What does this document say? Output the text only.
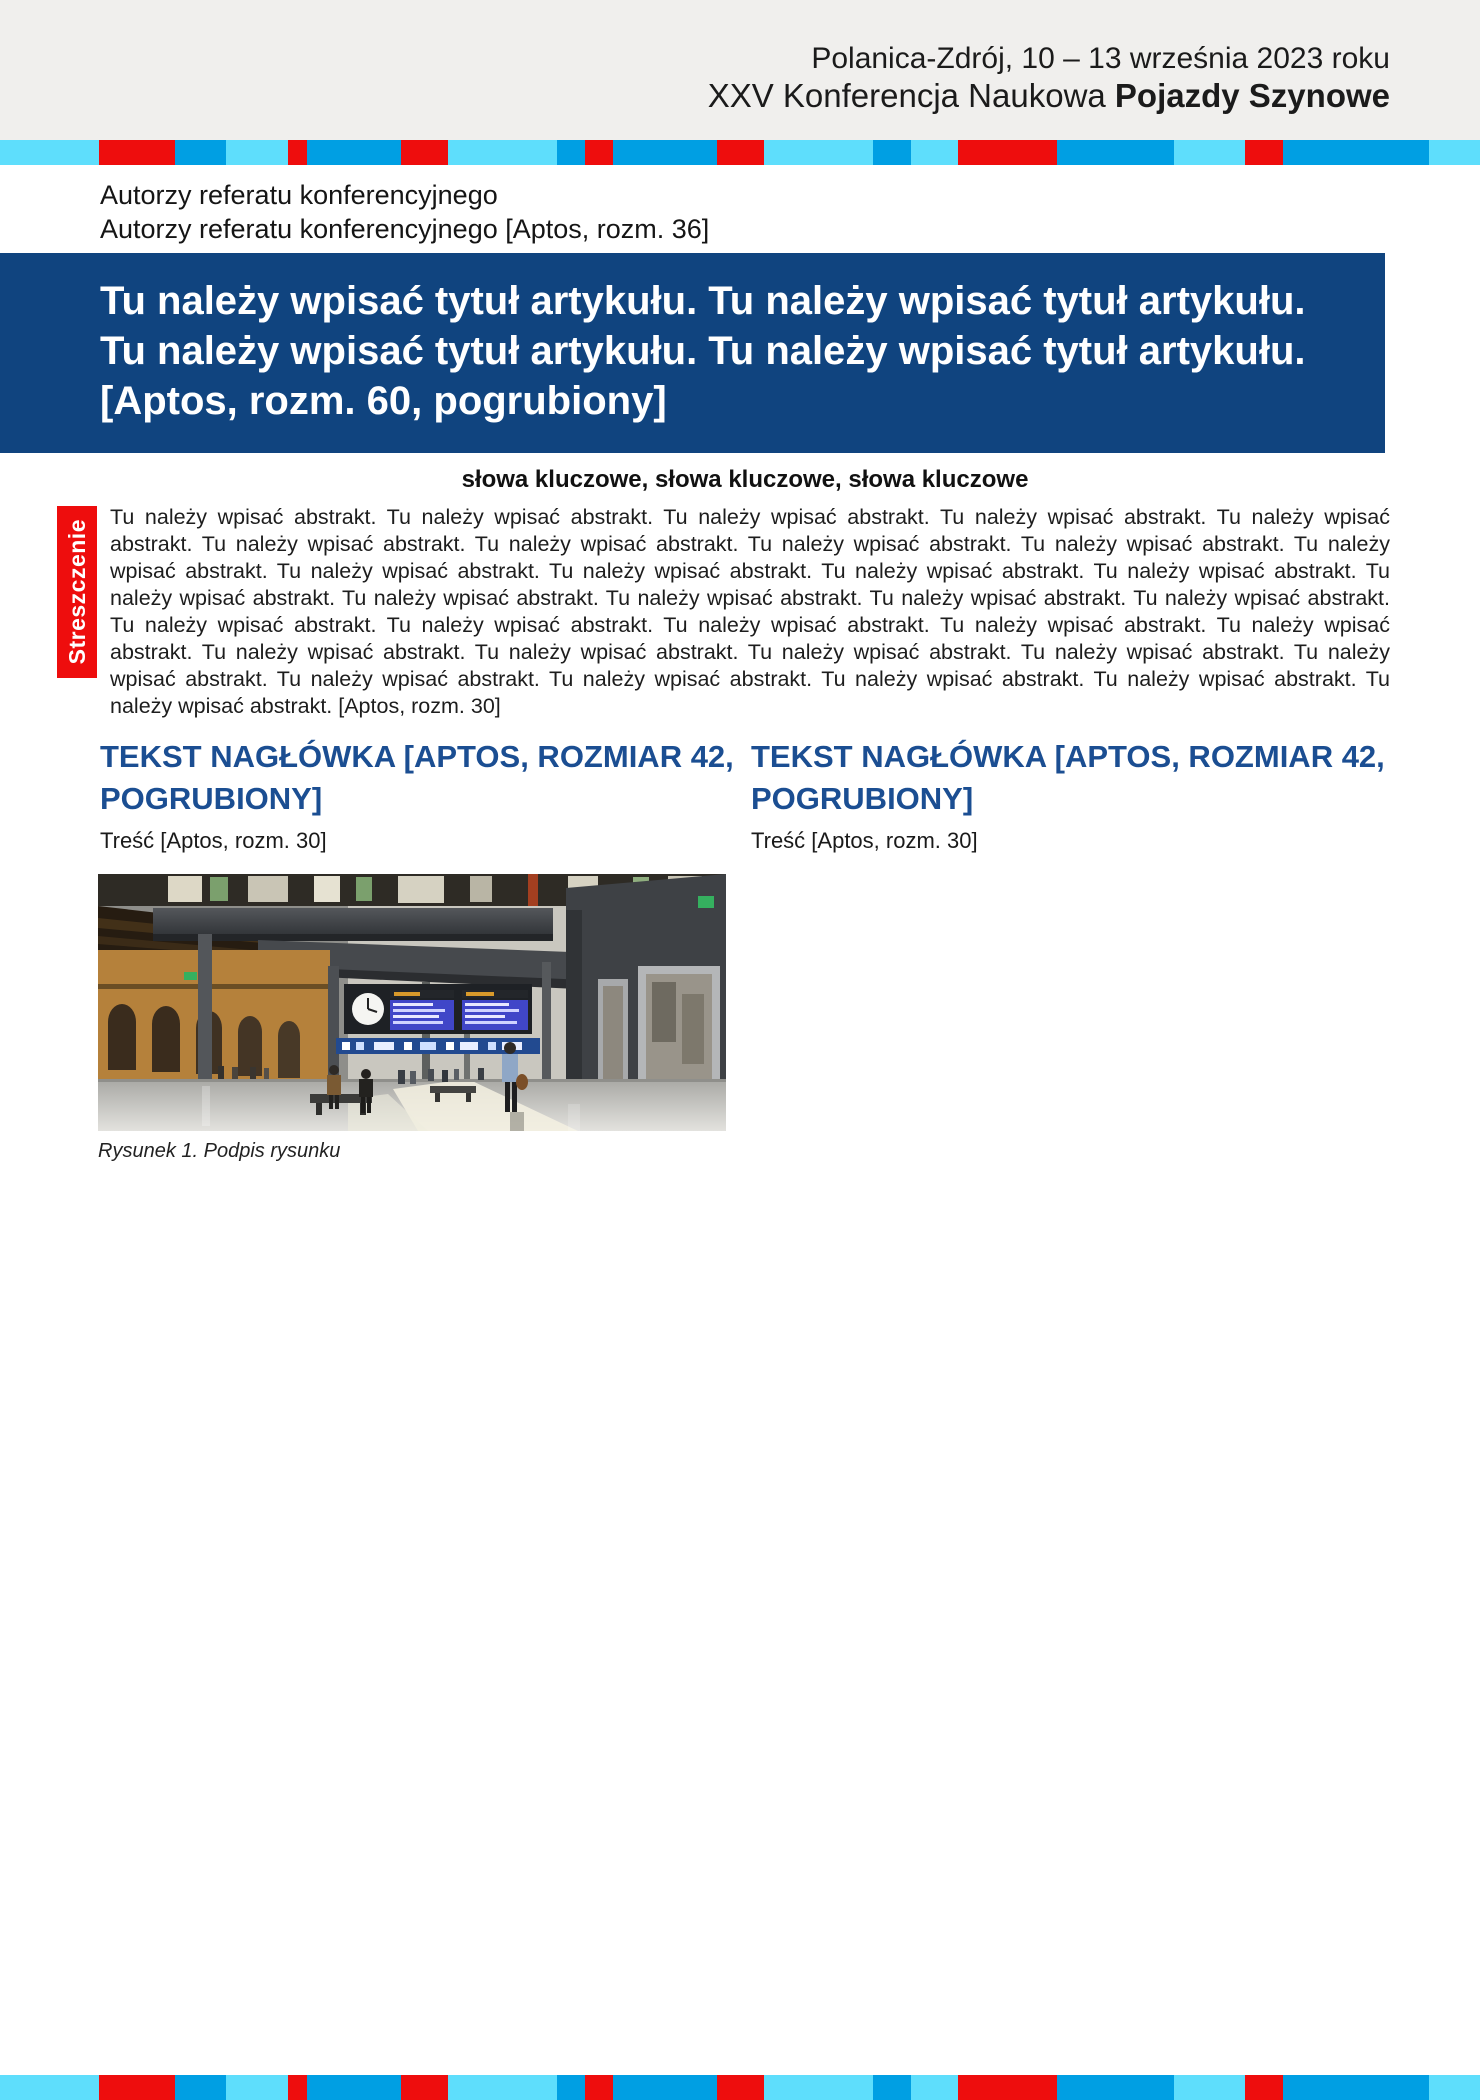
Polanica-Zdrój, 10 – 13 września 2023 roku
XXV Konferencja Naukowa Pojazdy Szynowe
Autorzy referatu konferencyjnego
Autorzy referatu konferencyjnego [Aptos, rozm. 36]
Tu należy wpisać tytuł artykułu. Tu należy wpisać tytuł artykułu. Tu należy wpisać tytuł artykułu. Tu należy wpisać tytuł artykułu. [Aptos, rozm. 60, pogrubiony]
słowa kluczowe, słowa kluczowe, słowa kluczowe
Streszczenie
Tu należy wpisać abstrakt. Tu należy wpisać abstrakt. Tu należy wpisać abstrakt. Tu należy wpisać abstrakt. Tu należy wpisać abstrakt. Tu należy wpisać abstrakt. Tu należy wpisać abstrakt. Tu należy wpisać abstrakt. Tu należy wpisać abstrakt. Tu należy wpisać abstrakt. Tu należy wpisać abstrakt. Tu należy wpisać abstrakt. Tu należy wpisać abstrakt. Tu należy wpisać abstrakt. Tu należy wpisać abstrakt. Tu należy wpisać abstrakt. Tu należy wpisać abstrakt. Tu należy wpisać abstrakt. Tu należy wpisać abstrakt. Tu należy wpisać abstrakt. Tu należy wpisać abstrakt. Tu należy wpisać abstrakt. Tu należy wpisać abstrakt. Tu należy wpisać abstrakt. Tu należy wpisać abstrakt. Tu należy wpisać abstrakt. Tu należy wpisać abstrakt. Tu należy wpisać abstrakt. Tu należy wpisać abstrakt. Tu należy wpisać abstrakt. Tu należy wpisać abstrakt. Tu należy wpisać abstrakt. Tu należy wpisać abstrakt. Tu należy wpisać abstrakt. [Aptos, rozm. 30]
TEKST NAGŁÓWKA [APTOS, ROZMIAR 42, POGRUBIONY]
Treść [Aptos, rozm. 30]
TEKST NAGŁÓWKA [APTOS, ROZMIAR 42, POGRUBIONY]
Treść [Aptos, rozm. 30]
Rysunek 1. Podpis rysunku
